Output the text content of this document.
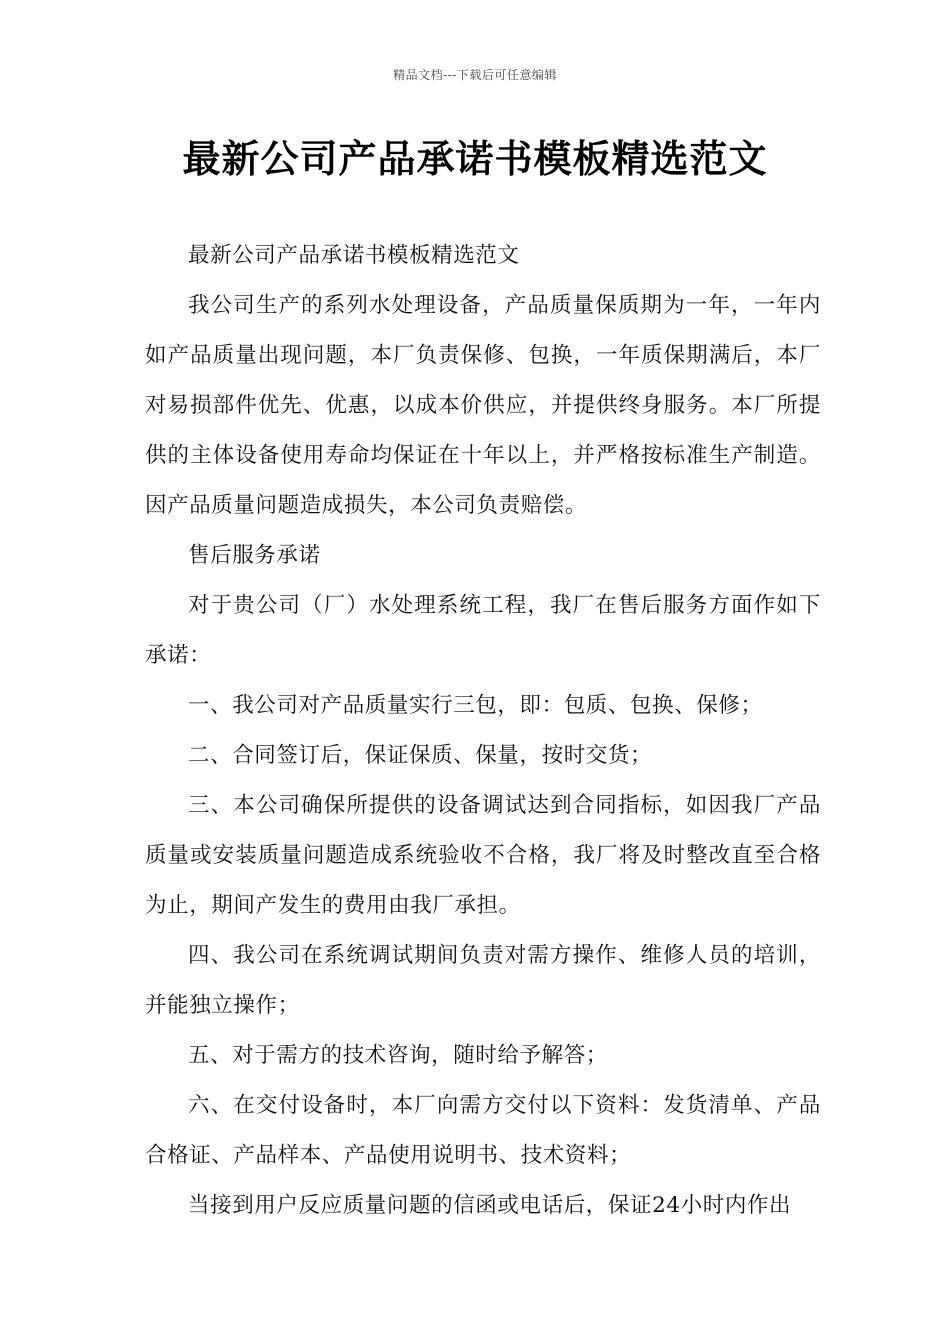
精品文档---下载后可任意编辑
最新公司产品承诺书模板精选范文

最新公司产品承诺书模板精选范文

我公司生产的系列水处理设备，产品质量保质期为一年，一年内如产品质量出现问题，本厂负责保修、包换，一年质保期满后，本厂对易损部件优先、优惠，以成本价供应，并提供终身服务。本厂所提供的主体设备使用寿命均保证在十年以上，并严格按标准生产制造。因产品质量问题造成损失，本公司负责赔偿。

售后服务承诺

对于贵公司（厂）水处理系统工程，我厂在售后服务方面作如下承诺：

一、我公司对产品质量实行三包，即：包质、包换、保修；

二、合同签订后，保证保质、保量，按时交货；

三、本公司确保所提供的设备调试达到合同指标，如因我厂产品质量或安装质量问题造成系统验收不合格，我厂将及时整改直至合格为止，期间产发生的费用由我厂承担。

四、我公司在系统调试期间负责对需方操作、维修人员的培训，并能独立操作；

五、对于需方的技术咨询，随时给予解答；

六、在交付设备时，本厂向需方交付以下资料：发货清单、产品合格证、产品样本、产品使用说明书、技术资料；

当接到用户反应质量问题的信函或电话后，保证24小时内作出
